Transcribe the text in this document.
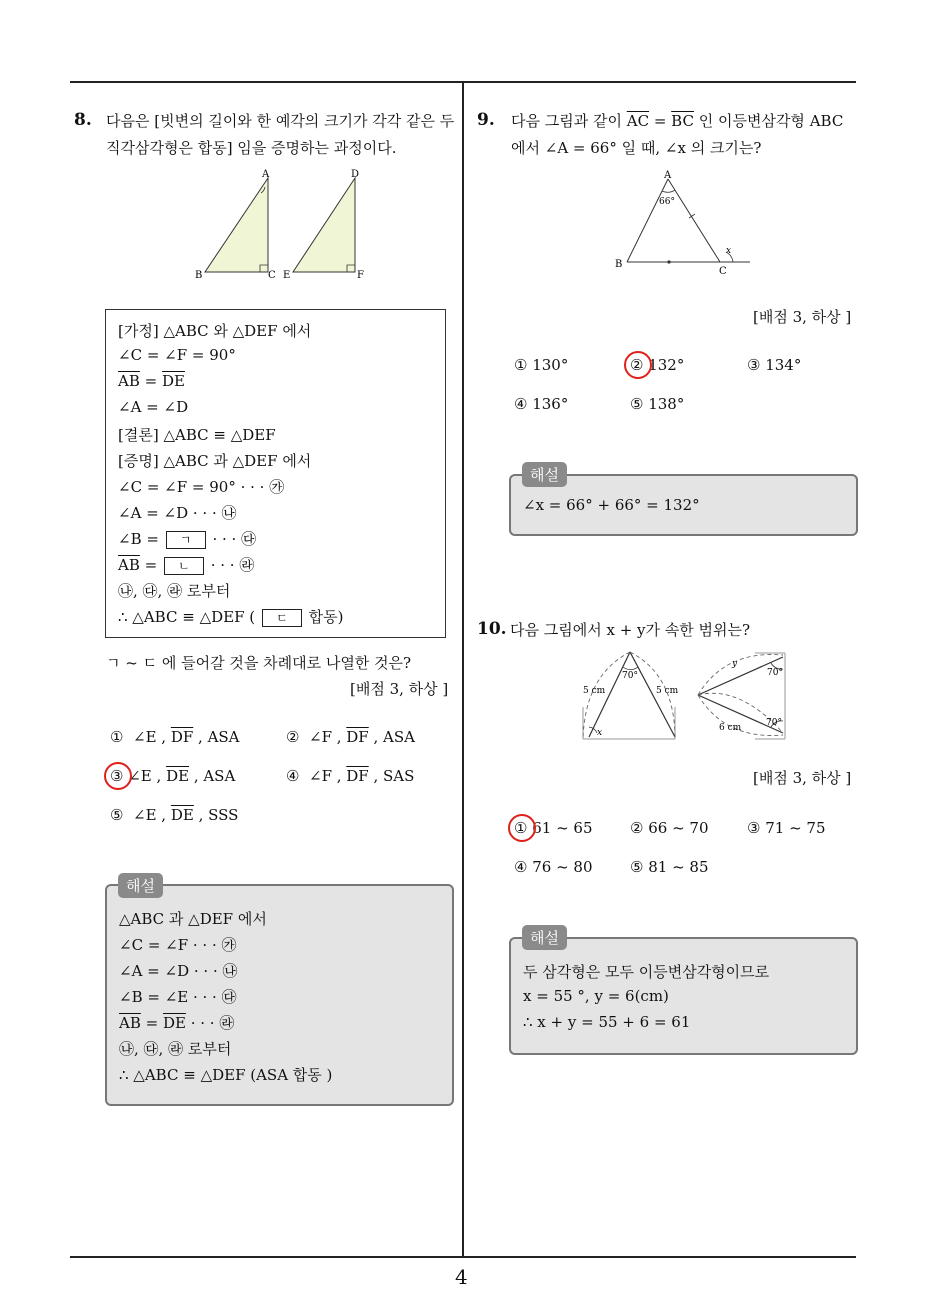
4
8. 다음은 [빗변의 길이와 한 예각의 크기가 각각 같은 두
직각삼각형은 합동] 임을 증명하는 과정이다.
A
B	C
D
E	F
[가정] △ABC 와 △DEF 에서
∠C = ∠F = 90°
$\overline{AB} = \overline{DE}$
∠A = ∠D
[결론] △ABC ≡ △DEF
[증명] △ABC 과 △DEF 에서
∠C = ∠F = 90° · · · ㉮
∠A = ∠D · · · ㉯
∠B = ㄱ · · · ㉰
$\overline{AB}$ = ㄴ · · · ㉱
㉯, ㉰, ㉱ 로부터
∴ △ABC ≡ △DEF ( ㄷ 합동)
ㄱ ~ ㄷ 에 들어갈 것을 차례대로 나열한 것은?
[배점 3, 하상 ]
① ∠E , $\overline{DF}$ , ASA	② ∠F , $\overline{DF}$ , ASA
③ ∠E , $\overline{DE}$ , ASA	④ ∠F , $\overline{DF}$ , SAS
⑤ ∠E , $\overline{DE}$ , SSS
△ABC 과 △DEF 에서
∠C = ∠F · · · ㉮
∠A = ∠D · · · ㉯
∠B = ∠E · · · ㉰
$\overline{AB} = \overline{DE}$ · · · ㉱
㉯, ㉰, ㉱ 로부터
∴ △ABC ≡ △DEF (ASA 합동 )
해설
9. 다음 그림과 같이 $\overline{AC} = \overline{BC}$ 인 이등변삼각형 ABC
에서 ∠A = 66° 일 때, ∠x 의 크기는?
A
B
C
66°
x
[배점 3, 하상 ]
① 130°	② 132°	③ 134°
④ 136°	⑤ 138°
∠x = 66° + 66° = 132°
해설
10. 다음 그림에서 x + y가 속한 범위는?
70°
5 cm	5 cm
x
y
70°
70°
6 cm
[배점 3, 하상 ]
① 61 ~ 65	② 66 ~ 70	③ 71 ~ 75
④ 76 ~ 80	⑤ 81 ~ 85
두 삼각형은 모두 이등변삼각형이므로
x = 55 °, y = 6(cm)
∴ x + y = 55 + 6 = 61
해설
